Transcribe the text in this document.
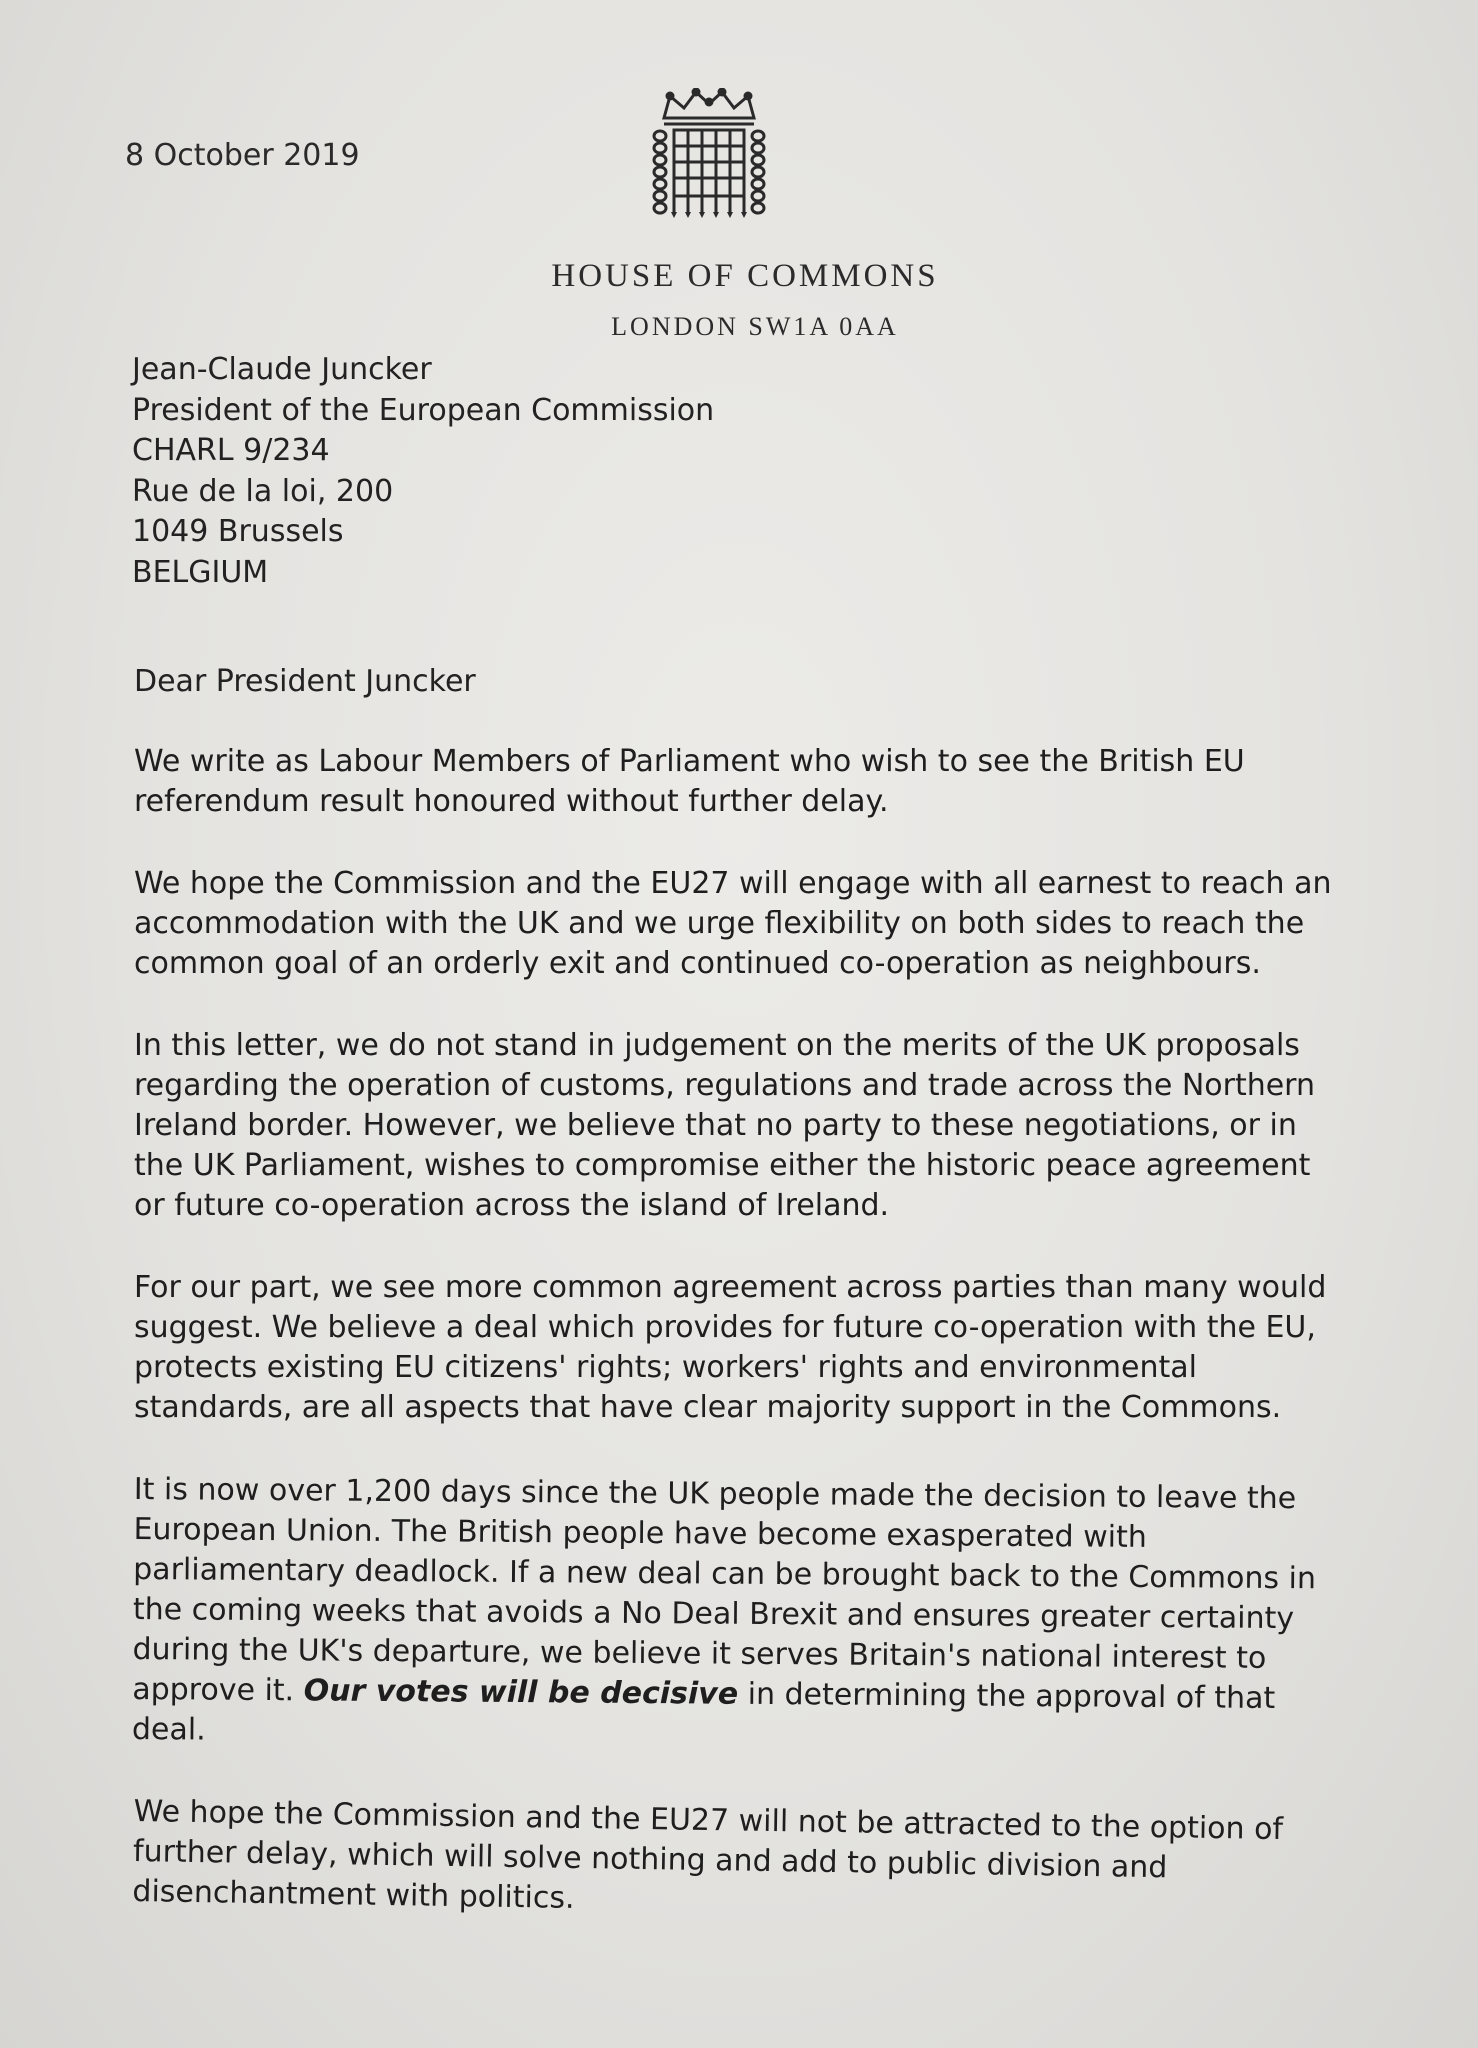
8 October 2019
HOUSE OF COMMONS
LONDON SW1A 0AA
Jean-Claude Juncker
President of the European Commission
CHARL 9/234
Rue de la loi, 200
1049 Brussels
BELGIUM
Dear President Juncker

We write as Labour Members of Parliament who wish to see the British EU referendum result honoured without further delay.

We hope the Commission and the EU27 will engage with all earnest to reach an accommodation with the UK and we urge flexibility on both sides to reach the common goal of an orderly exit and continued co-operation as neighbours.

In this letter, we do not stand in judgement on the merits of the UK proposals regarding the operation of customs, regulations and trade across the Northern Ireland border. However, we believe that no party to these negotiations, or in the UK Parliament, wishes to compromise either the historic peace agreement or future co-operation across the island of Ireland.

For our part, we see more common agreement across parties than many would suggest. We believe a deal which provides for future co-operation with the EU, protects existing EU citizens' rights; workers' rights and environmental standards, are all aspects that have clear majority support in the Commons.

It is now over 1,200 days since the UK people made the decision to leave the European Union. The British people have become exasperated with parliamentary deadlock. If a new deal can be brought back to the Commons in the coming weeks that avoids a No Deal Brexit and ensures greater certainty during the UK's departure, we believe it serves Britain's national interest to approve it. Our votes will be decisive in determining the approval of that deal.

We hope the Commission and the EU27 will not be attracted to the option of further delay, which will solve nothing and add to public division and disenchantment with politics.
